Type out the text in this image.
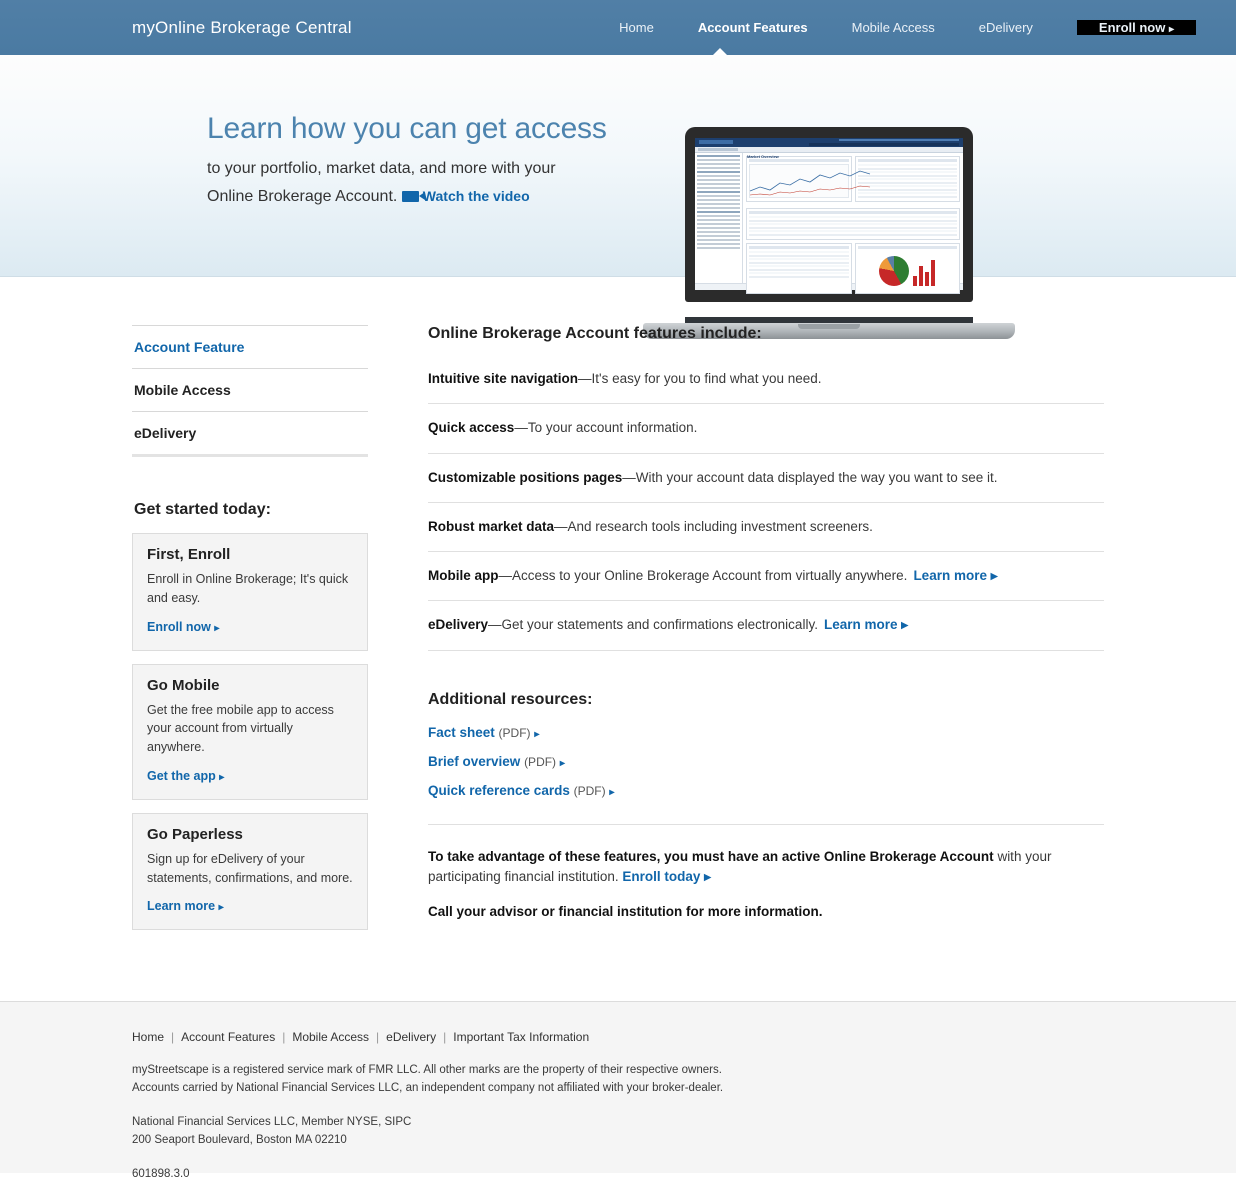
myOnline Brokerage Central	Home	Account Features	Mobile Access	eDelivery	Enroll now ▸
Learn how you can get access

to your portfolio, market data, and more with your
Online Brokerage Account. Watch the video

Market Overview
Account Feature
Mobile Access
eDelivery
Get started today:
First, Enroll

Enroll in Online Brokerage; It's quick and easy.

Enroll now ▸
Go Mobile

Get the free mobile app to access your account from virtually anywhere.

Get the app ▸
Go Paperless

Sign up for eDelivery of your statements, confirmations, and more.

Learn more ▸
Online Brokerage Account features include:
Intuitive site navigation—It's easy for you to find what you need.
Quick access—To your account information.
Customizable positions pages—With your account data displayed the way you want to see it.
Robust market data—And research tools including investment screeners.
Mobile app—Access to your Online Brokerage Account from virtually anywhere. Learn more ▸
eDelivery—Get your statements and confirmations electronically. Learn more ▸
Additional resources:
Fact sheet (PDF) ▸
Brief overview (PDF) ▸
Quick reference cards (PDF) ▸

To take advantage of these features, you must have an active Online Brokerage Account with your participating financial institution. Enroll today ▸

Call your advisor or financial institution for more information.

Home | Account Features | Mobile Access | eDelivery | Important Tax Information
myStreetscape is a registered service mark of FMR LLC. All other marks are the property of their respective owners.
Accounts carried by National Financial Services LLC, an independent company not affiliated with your broker-dealer.
National Financial Services LLC, Member NYSE, SIPC
200 Seaport Boulevard, Boston MA 02210
601898.3.0
